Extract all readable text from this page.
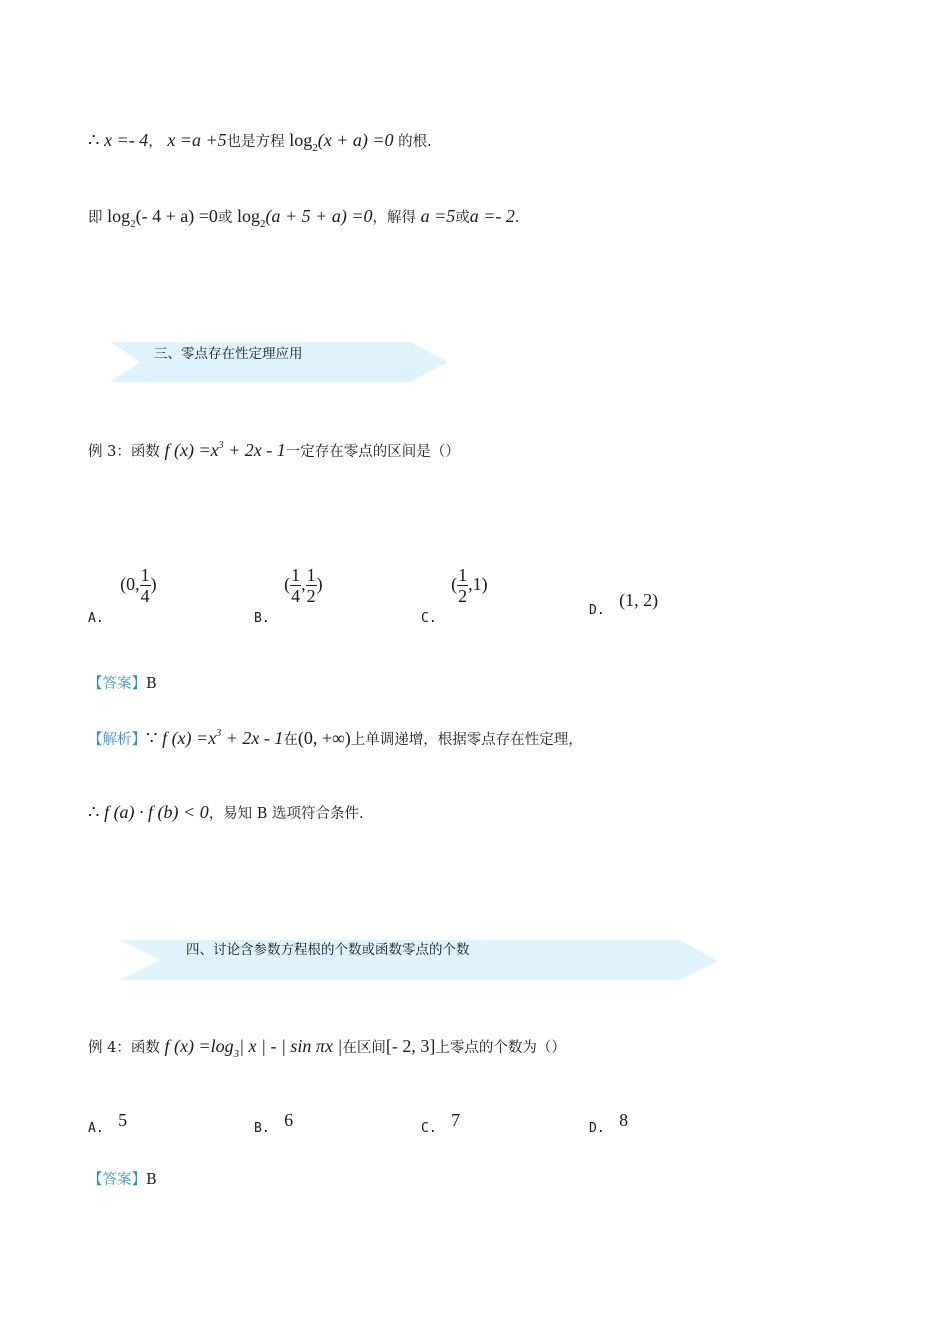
∴ x =- 4， x =a +5也是方程 $\log_2(x + a) =0$ 的根.
即 $\log_2(-$ 4 + a) =0或 $\log_2(a + 5 + a) =0$，解得 a =5或a =- 2.
三、零点存在性定理应用
例 3：函数 f $(x) =x^3 + 2x - 1$一定存在零点的区间是（）
A. (0, $\frac{1}{4}$ )
B. ( $\frac{1}{4}$ , $\frac{1}{2}$ )
C. ( $\frac{1}{2} ,1$)
D. (1, 2)
【答案】B
【解析】∵ f $(x) =x^3 + 2x - 1$在(0, +∞)上单调递增，根据零点存在性定理，
∴ f (a) · f (b) < 0，易知 B 选项符合条件.
四、讨论含参数方程根的个数或函数零点的个数
例 4：函数 f $(x) =\log_3|$ x | - | sin πx |在区间[- 2, 3]上零点的个数为（）
A. 5	B. 6	C. 7	D. 8
【答案】B
